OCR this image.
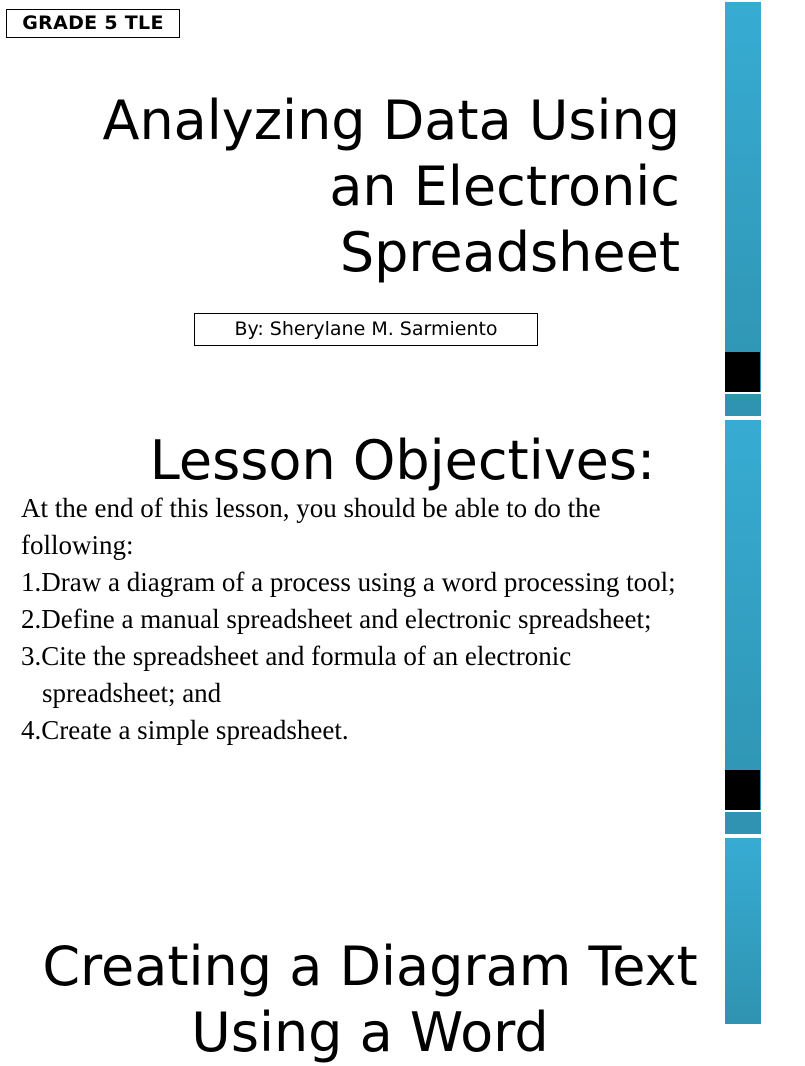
GRADE 5 TLE
Analyzing Data Using an Electronic Spreadsheet
By: Sherylane M. Sarmiento
Lesson Objectives:

At the end of this lesson, you should be able to do the following:

1.Draw a diagram of a process using a word processing tool;
2.Define a manual spreadsheet and electronic spreadsheet;
3.Cite the spreadsheet and formula of an electronic spreadsheet; and
4.Create a simple spreadsheet.
Creating a Diagram Text Using a Word
